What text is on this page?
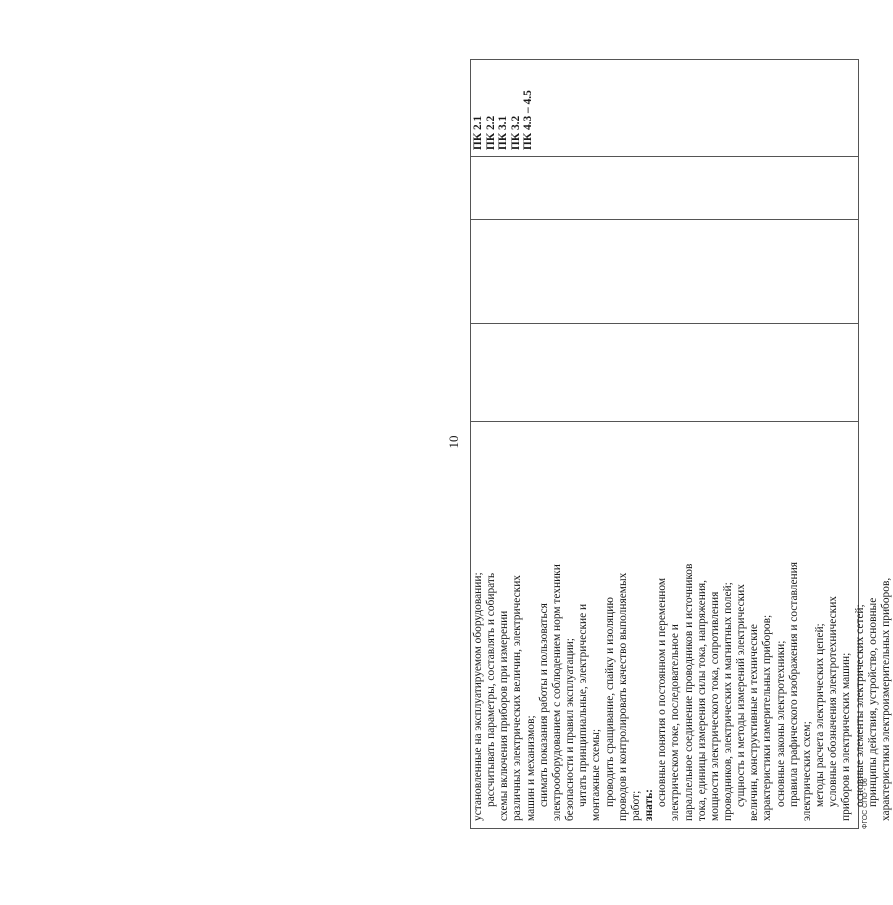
10

установленные на эксплуатируемом оборудовании; рассчитывать параметры, составлять и собирать схемы включения приборов при измерении различных электрических величин, электрических машин и механизмов; снимать показания работы и пользоваться электрооборудованием с соблюдением норм техники безопасности и правил эксплуатации; читать принципиальные, электрические и монтажные схемы; проводить сращивание, спайку и изоляцию проводов и контролировать качество выполняемых работ; знать: основные понятия о постоянном и переменном электрическом токе, последовательное и параллельное соединение проводников и источников тока, единицы измерения силы тока, напряжения, мощности электрического тока, сопротивления проводников, электрических и магнитных полей; сущность и методы измерений электрических величин, конструктивные и технические характеристики измерительных приборов; основные законы электротехники; правила графического изображения и составления электрических схем; методы расчета электрических цепей; условные обозначения электротехнических приборов и электрических машин; основные элементы электрических сетей; принципы действия, устройство, основные характеристики электроизмерительных приборов,

ПК 2.1 ПК 2.2 ПК 3.1 ПК 3.2 ПК 4.3 – 4.5

ФГОС СПО - 06
